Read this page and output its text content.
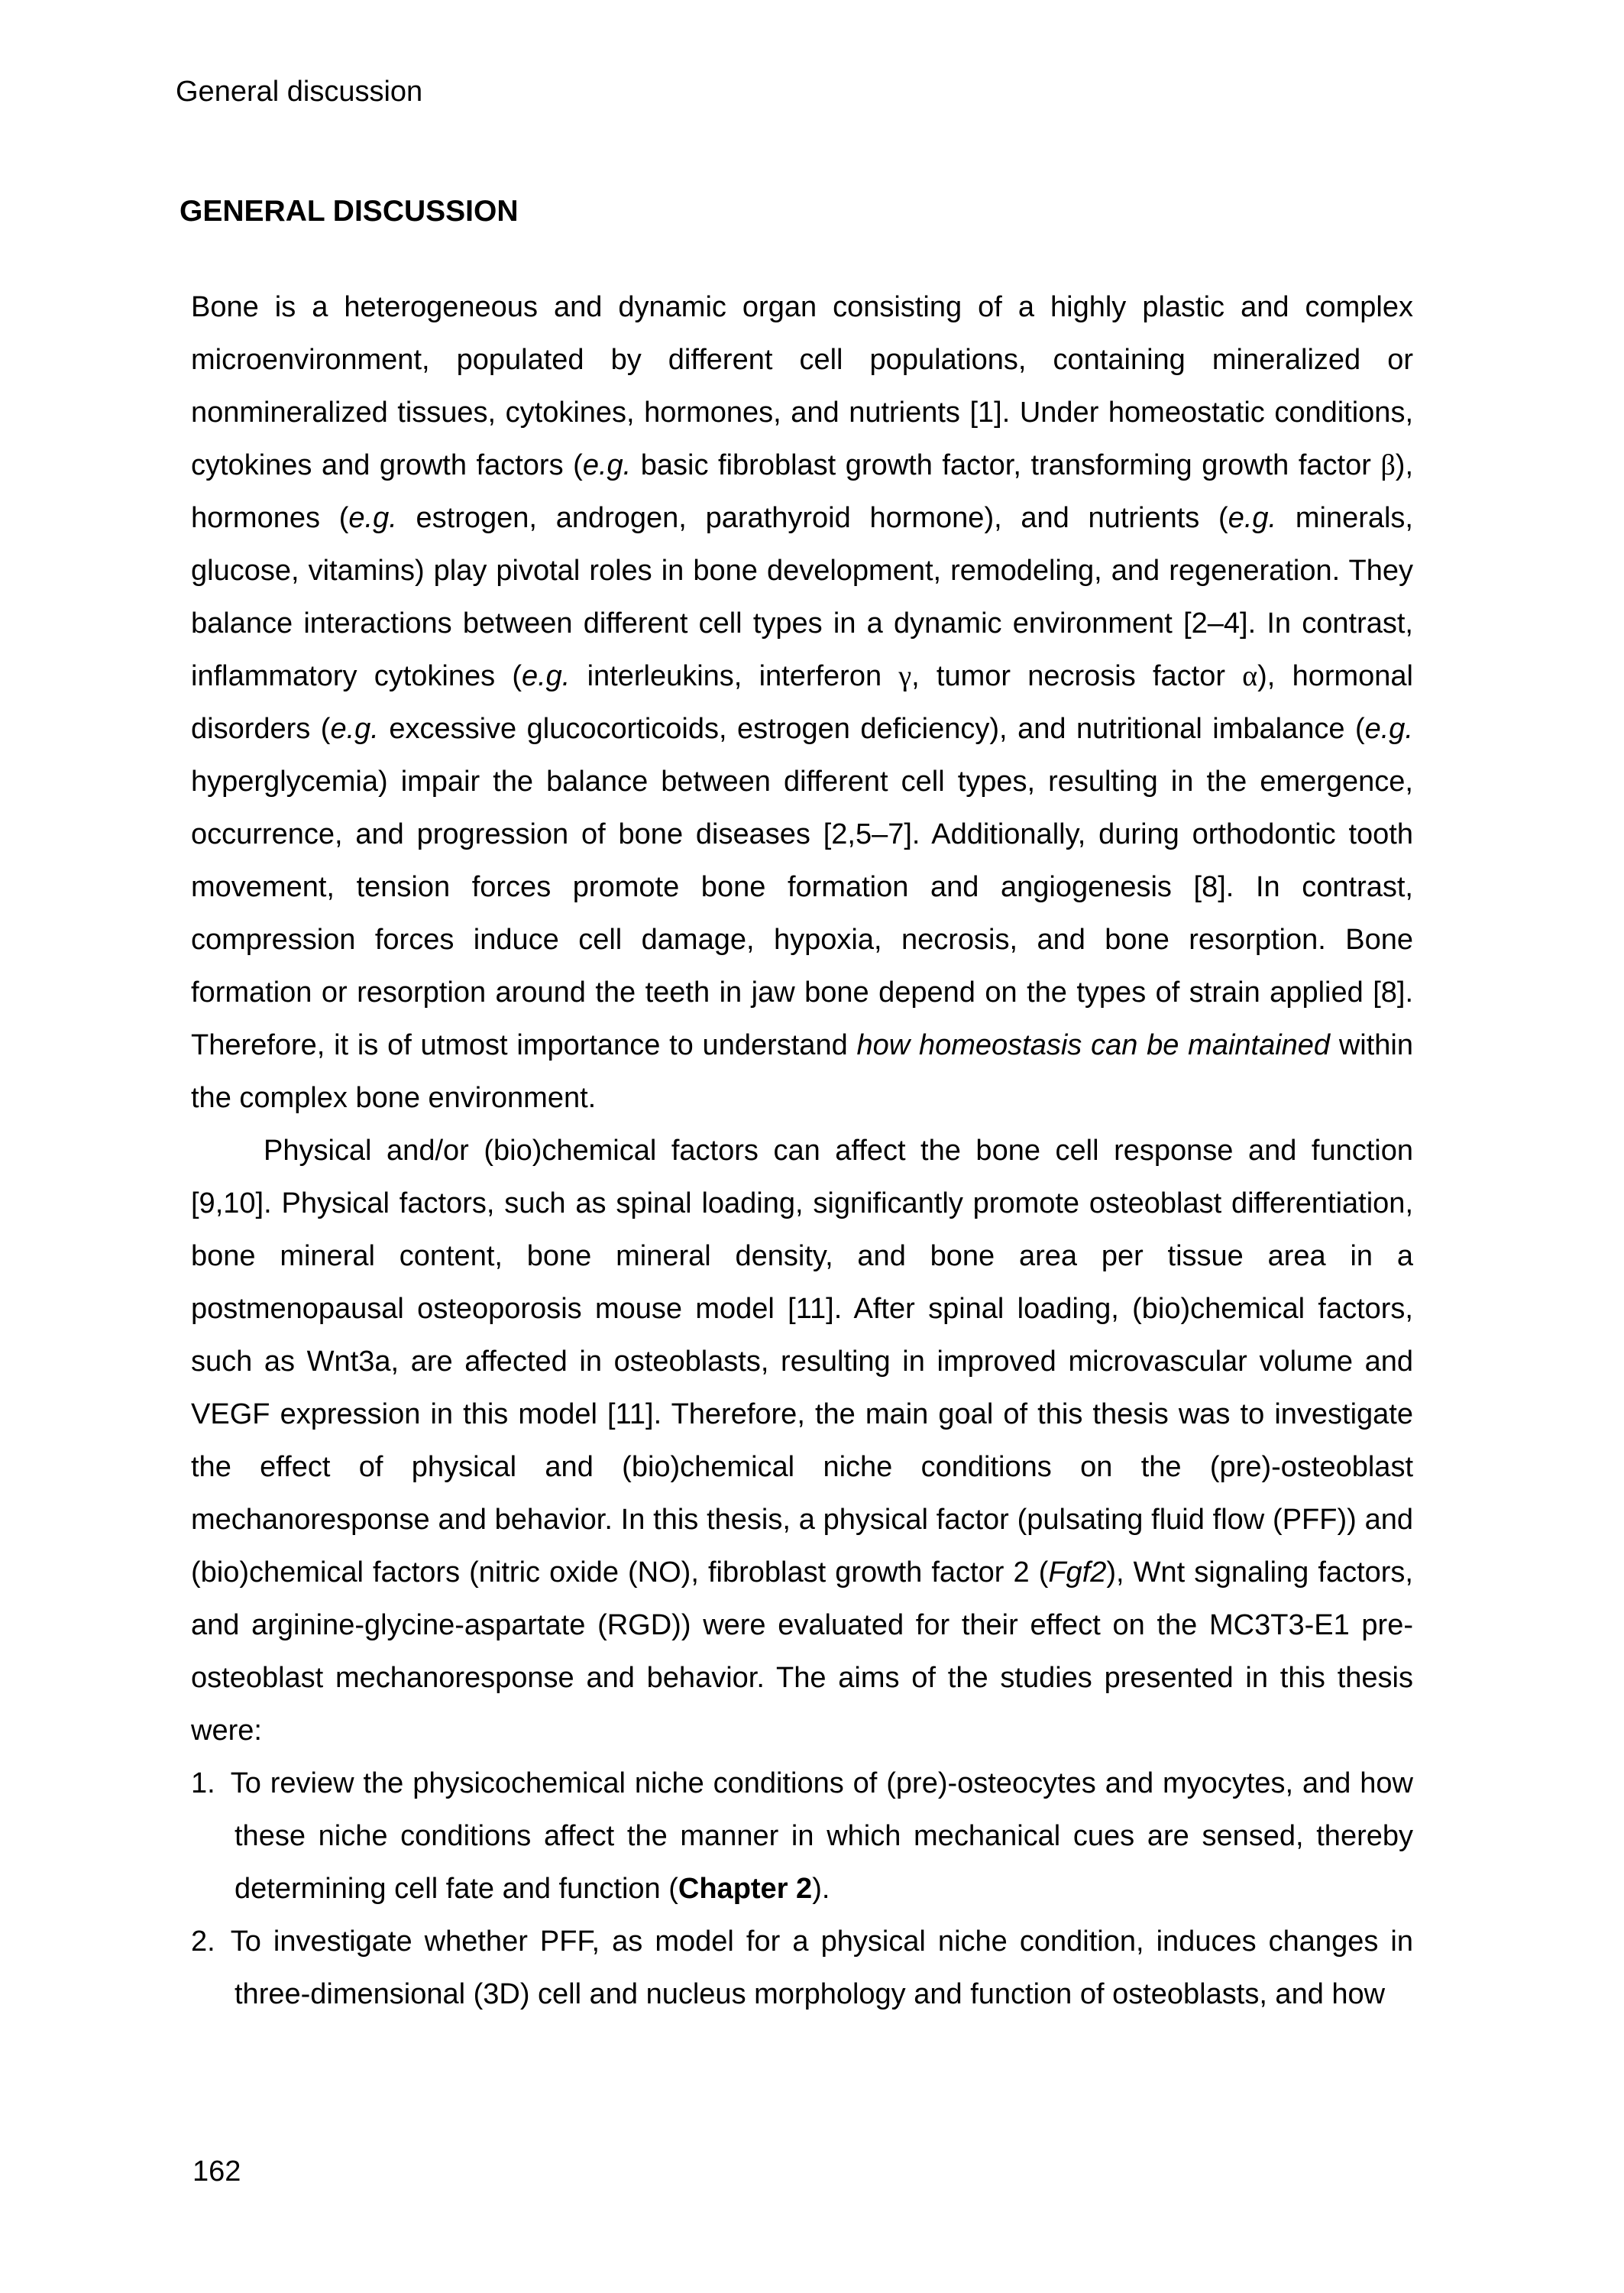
General discussion
GENERAL DISCUSSION

Bone is a heterogeneous and dynamic organ consisting of a highly plastic and complex microenvironment, populated by different cell populations, containing mineralized or nonmineralized tissues, cytokines, hormones, and nutrients [1]. Under homeostatic conditions, cytokines and growth factors (e.g. basic fibroblast growth factor, transforming growth factor β), hormones (e.g. estrogen, androgen, parathyroid hormone), and nutrients (e.g. minerals, glucose, vitamins) play pivotal roles in bone development, remodeling, and regeneration. They balance interactions between different cell types in a dynamic environment [2–4]. In contrast, inflammatory cytokines (e.g. interleukins, interferon γ, tumor necrosis factor α), hormonal disorders (e.g. excessive glucocorticoids, estrogen deficiency), and nutritional imbalance (e.g. hyperglycemia) impair the balance between different cell types, resulting in the emergence, occurrence, and progression of bone diseases [2,5–7]. Additionally, during orthodontic tooth movement, tension forces promote bone formation and angiogenesis [8]. In contrast, compression forces induce cell damage, hypoxia, necrosis, and bone resorption. Bone formation or resorption around the teeth in jaw bone depend on the types of strain applied [8]. Therefore, it is of utmost importance to understand how homeostasis can be maintained within the complex bone environment.

Physical and/or (bio)chemical factors can affect the bone cell response and function [9,10]. Physical factors, such as spinal loading, significantly promote osteoblast differentiation, bone mineral content, bone mineral density, and bone area per tissue area in a postmenopausal osteoporosis mouse model [11]. After spinal loading, (bio)chemical factors, such as Wnt3a, are affected in osteoblasts, resulting in improved microvascular volume and VEGF expression in this model [11]. Therefore, the main goal of this thesis was to investigate the effect of physical and (bio)chemical niche conditions on the (pre)-osteoblast mechanoresponse and behavior. In this thesis, a physical factor (pulsating fluid flow (PFF)) and (bio)chemical factors (nitric oxide (NO), fibroblast growth factor 2 (Fgf2), Wnt signaling factors, and arginine-glycine-aspartate (RGD)) were evaluated for their effect on the MC3T3-E1 pre-osteoblast mechanoresponse and behavior. The aims of the studies presented in this thesis were:

1. To review the physicochemical niche conditions of (pre)-osteocytes and myocytes, and how these niche conditions affect the manner in which mechanical cues are sensed, thereby determining cell fate and function (Chapter 2).
2. To investigate whether PFF, as model for a physical niche condition, induces changes in three-dimensional (3D) cell and nucleus morphology and function of osteoblasts, and how
162
